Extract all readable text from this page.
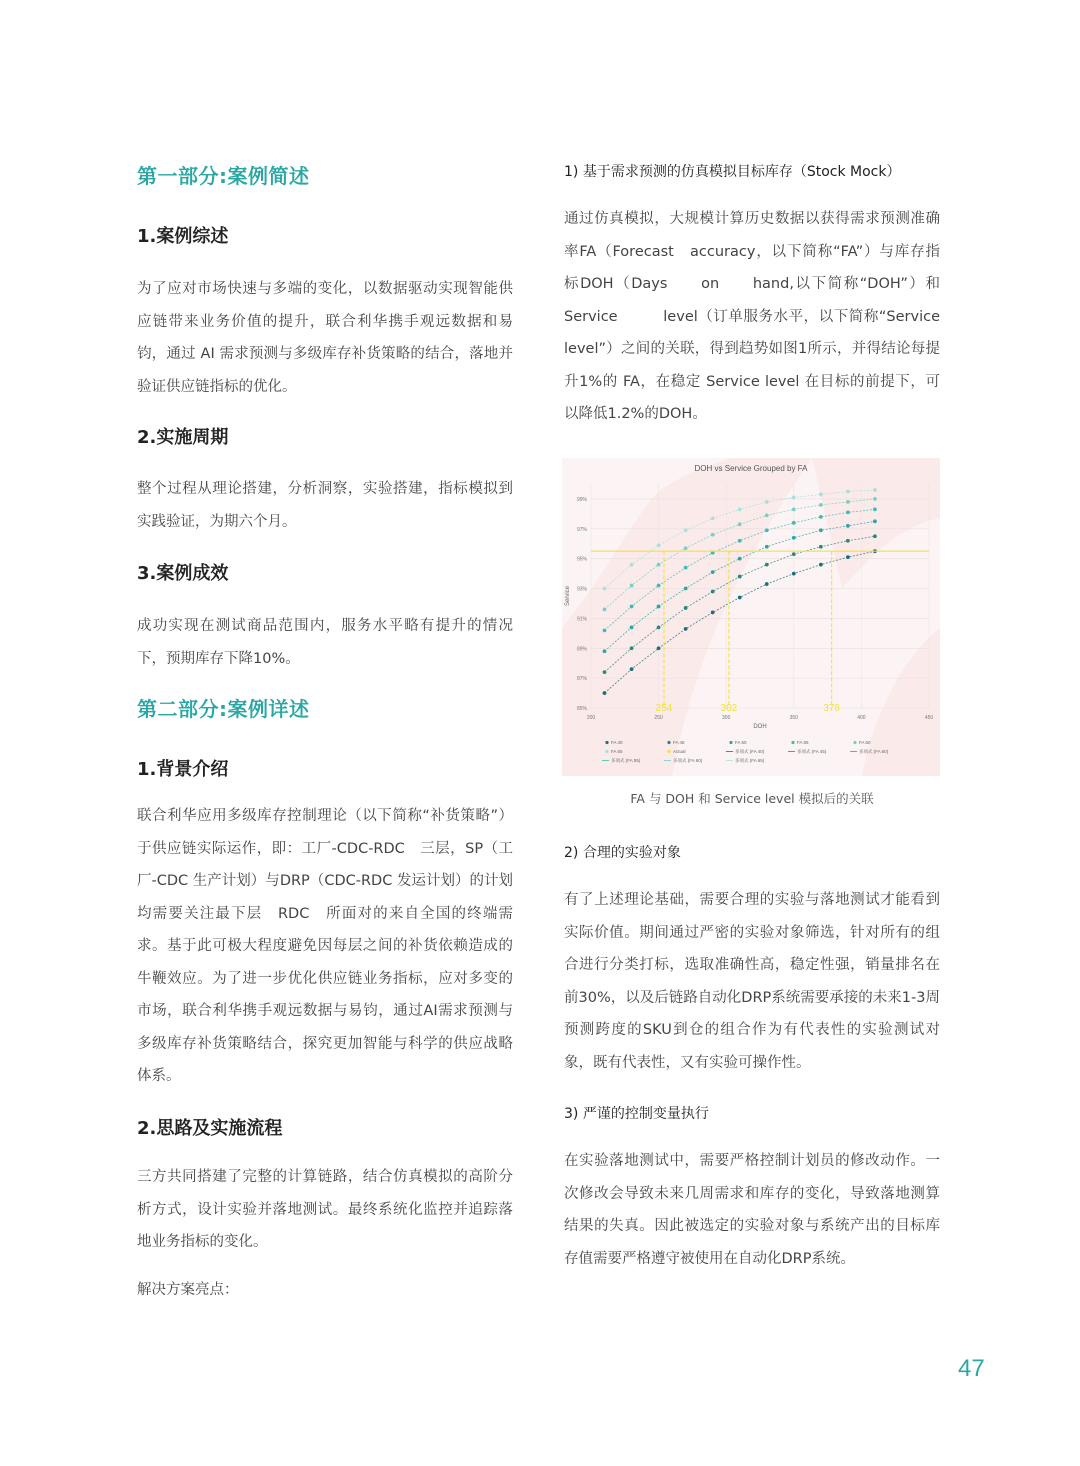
第一部分:案例简述
1.案例综述

为了应对市场快速与多端的变化，以数据驱动实现智能供应链带来业务价值的提升，联合利华携手观远数据和易钧，通过 AI 需求预测与多级库存补货策略的结合，落地并验证供应链指标的优化。

2.实施周期

整个过程从理论搭建，分析洞察，实验搭建，指标模拟到实践验证，为期六个月。

3.案例成效

成功实现在测试商品范围内，服务水平略有提升的情况下，预期库存下降10%。

第二部分:案例详述
1.背景介绍

联合利华应用多级库存控制理论（以下简称“补货策略”）于供应链实际运作，即：工厂-CDC-RDC　三层，SP（工厂-CDC 生产计划）与DRP（CDC-RDC 发运计划）的计划均需要关注最下层　RDC　所面对的来自全国的终端需求。基于此可极大程度避免因每层之间的补货依赖造成的牛鞭效应。为了进一步优化供应链业务指标，应对多变的市场，联合利华携手观远数据与易钧，通过AI需求预测与多级库存补货策略结合，探究更加智能与科学的供应战略体系。

2.思路及实施流程

三方共同搭建了完整的计算链路，结合仿真模拟的高阶分析方式，设计实验并落地测试。最终系统化监控并追踪落地业务指标的变化。

解决方案亮点：
1) 基于需求预测的仿真模拟目标库存（Stock Mock）

通过仿真模拟，大规模计算历史数据以获得需求预测准确率FA（Forecast　accuracy，以下简称“FA”）与库存指标DOH（Days　　on　　hand,以下简称“DOH”）和Service　　　level（订单服务水平，以下简称“Service level”）之间的关联，得到趋势如图1所示，并得结论每提升1%的 FA，在稳定 Service level 在目标的前提下，可以降低1.2%的DOH。

FA 与 DOH 和 Service level 模拟后的关联
2) 合理的实验对象

有了上述理论基础，需要合理的实验与落地测试才能看到实际价值。期间通过严密的实验对象筛选，针对所有的组合进行分类打标，选取准确性高，稳定性强，销量排名在前30%，以及后链路自动化DRP系统需要承接的未来1-3周预测跨度的SKU到仓的组合作为有代表性的实验测试对象，既有代表性，又有实验可操作性。

3) 严谨的控制变量执行

在实验落地测试中，需要严格控制计划员的修改动作。一次修改会导致未来几周需求和库存的变化，导致落地测算结果的失真。因此被选定的实验对象与系统产出的目标库存值需要严格遵守被使用在自动化DRP系统。

DOH vs Service Grouped by FA
85%
87%
89%
91%
93%
95%
97%
99%
200	250	300	350	400	450
Service
DOH
254	302	378
FA 40	FA 45	FA 50	FA 55	FA 60
FA 65	Actual	多项式 (FA 40)	多项式 (FA 45)	多项式 (FA 50)
多项式 (FA 55)	多项式 (FA 60)	多项式 (FA 65)
47
